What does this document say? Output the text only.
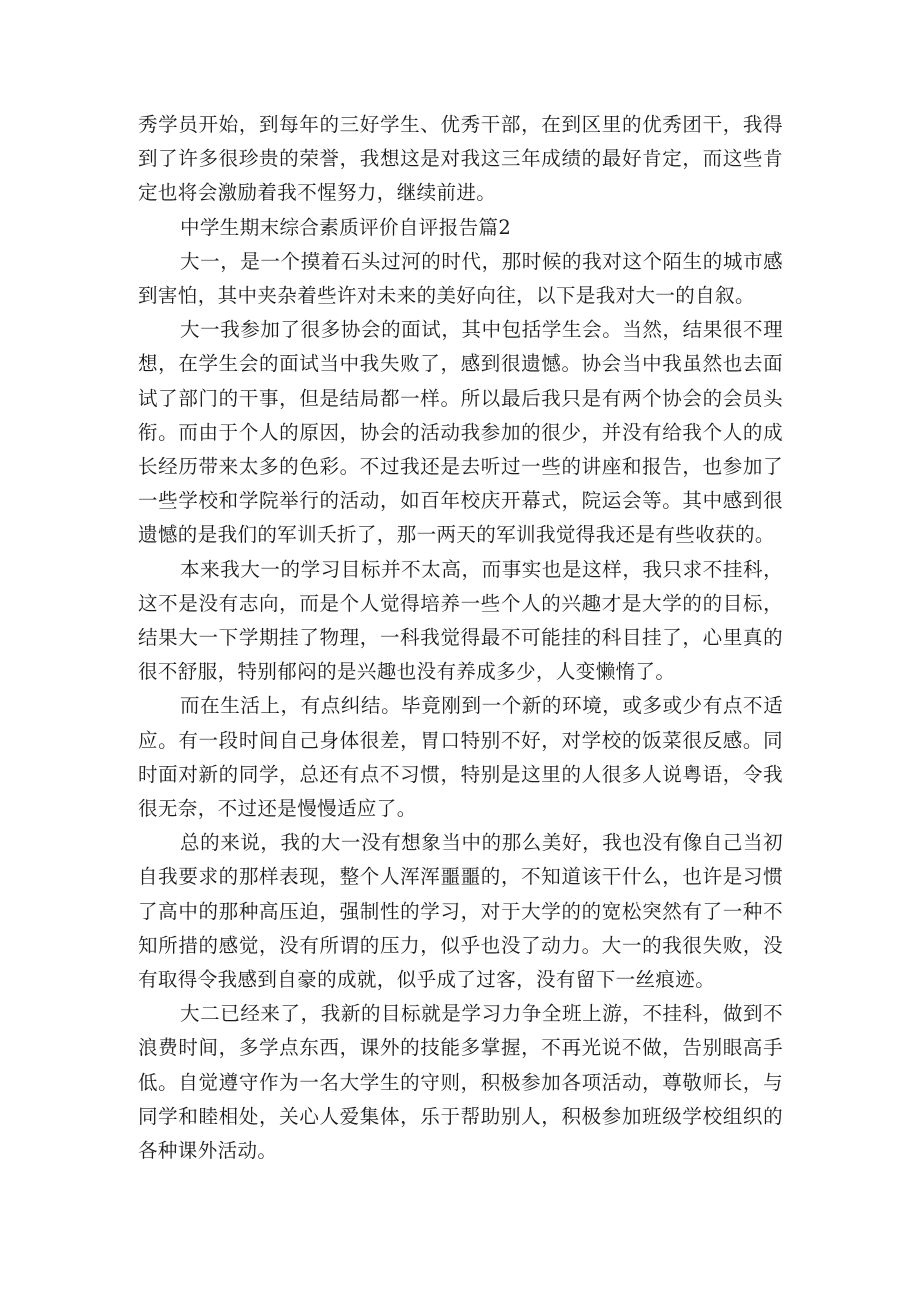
秀学员开始，到每年的三好学生、优秀干部，在到区里的优秀团干，我得到了许多很珍贵的荣誉，我想这是对我这三年成绩的最好肯定，而这些肯定也将会激励着我不惺努力，继续前进。

中学生期末综合素质评价自评报告篇2

大一，是一个摸着石头过河的时代，那时候的我对这个陌生的城市感到害怕，其中夹杂着些许对未来的美好向往，以下是我对大一的自叙。

大一我参加了很多协会的面试，其中包括学生会。当然，结果很不理想，在学生会的面试当中我失败了，感到很遗憾。协会当中我虽然也去面试了部门的干事，但是结局都一样。所以最后我只是有两个协会的会员头衔。而由于个人的原因，协会的活动我参加的很少，并没有给我个人的成长经历带来太多的色彩。不过我还是去听过一些的讲座和报告，也参加了一些学校和学院举行的活动，如百年校庆开幕式，院运会等。其中感到很遗憾的是我们的军训夭折了，那一两天的军训我觉得我还是有些收获的。

本来我大一的学习目标并不太高，而事实也是这样，我只求不挂科，这不是没有志向，而是个人觉得培养一些个人的兴趣才是大学的的目标，结果大一下学期挂了物理，一科我觉得最不可能挂的科目挂了，心里真的很不舒服，特别郁闷的是兴趣也没有养成多少，人变懒惰了。

而在生活上，有点纠结。毕竟刚到一个新的环境，或多或少有点不适应。有一段时间自己身体很差，胃口特别不好，对学校的饭菜很反感。同时面对新的同学，总还有点不习惯，特别是这里的人很多人说粤语，令我很无奈，不过还是慢慢适应了。

总的来说，我的大一没有想象当中的那么美好，我也没有像自己当初自我要求的那样表现，整个人浑浑噩噩的，不知道该干什么，也许是习惯了高中的那种高压迫，强制性的学习，对于大学的的宽松突然有了一种不知所措的感觉，没有所谓的压力，似乎也没了动力。大一的我很失败，没有取得令我感到自豪的成就，似乎成了过客，没有留下一丝痕迹。

大二已经来了，我新的目标就是学习力争全班上游，不挂科，做到不浪费时间，多学点东西，课外的技能多掌握，不再光说不做，告别眼高手低。自觉遵守作为一名大学生的守则，积极参加各项活动，尊敬师长，与同学和睦相处，关心人爱集体，乐于帮助别人，积极参加班级学校组织的各种课外活动。
